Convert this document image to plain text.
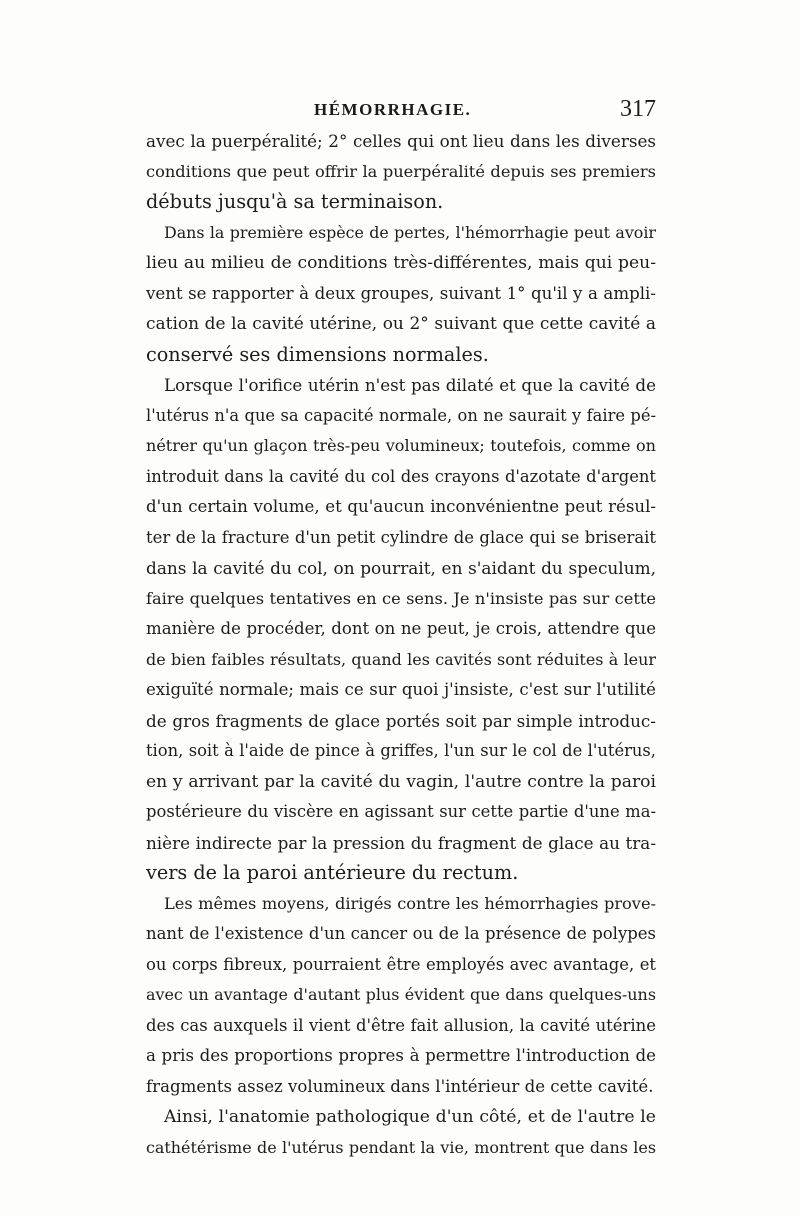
HÉMORRHAGIE.	317
avec la puerpéralité; 2° celles qui ont lieu dans les diverses
conditions que peut offrir la puerpéralité depuis ses premiers
débuts jusqu'à sa terminaison.
Dans la première espèce de pertes, l'hémorrhagie peut avoir
lieu au milieu de conditions très-différentes, mais qui peu-
vent se rapporter à deux groupes, suivant 1° qu'il y a ampli-
cation de la cavité utérine, ou 2° suivant que cette cavité a
conservé ses dimensions normales.
Lorsque l'orifice utérin n'est pas dilaté et que la cavité de
l'utérus n'a que sa capacité normale, on ne saurait y faire pé-
nétrer qu'un glaçon très-peu volumineux; toutefois, comme on
introduit dans la cavité du col des crayons d'azotate d'argent
d'un certain volume, et qu'aucun inconvénientne peut résul-
ter de la fracture d'un petit cylindre de glace qui se briserait
dans la cavité du col, on pourrait, en s'aidant du speculum,
faire quelques tentatives en ce sens. Je n'insiste pas sur cette
manière de procéder, dont on ne peut, je crois, attendre que
de bien faibles résultats, quand les cavités sont réduites à leur
exiguïté normale; mais ce sur quoi j'insiste, c'est sur l'utilité
de gros fragments de glace portés soit par simple introduc-
tion, soit à l'aide de pince à griffes, l'un sur le col de l'utérus,
en y arrivant par la cavité du vagin, l'autre contre la paroi
postérieure du viscère en agissant sur cette partie d'une ma-
nière indirecte par la pression du fragment de glace au tra-
vers de la paroi antérieure du rectum.
Les mêmes moyens, dirigés contre les hémorrhagies prove-
nant de l'existence d'un cancer ou de la présence de polypes
ou corps fibreux, pourraient être employés avec avantage, et
avec un avantage d'autant plus évident que dans quelques-uns
des cas auxquels il vient d'être fait allusion, la cavité utérine
a pris des proportions propres à permettre l'introduction de
fragments assez volumineux dans l'intérieur de cette cavité.
Ainsi, l'anatomie pathologique d'un côté, et de l'autre le
cathétérisme de l'utérus pendant la vie, montrent que dans les
